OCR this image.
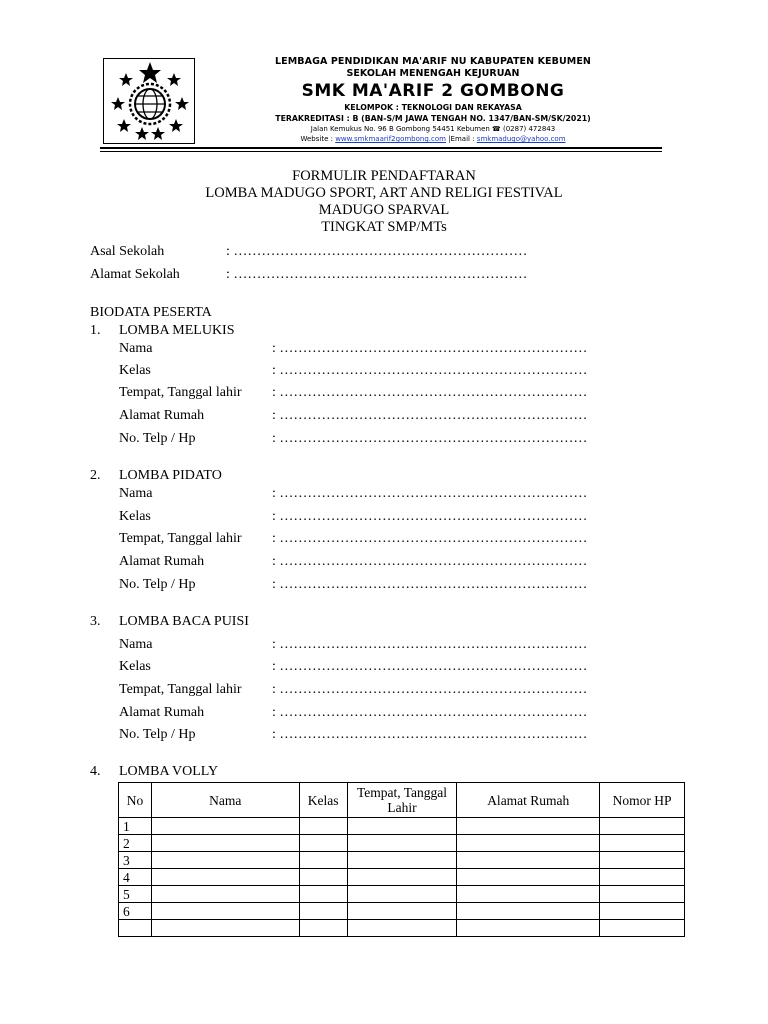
LEMBAGA PENDIDIKAN MA'ARIF NU KABUPATEN KEBUMEN
SEKOLAH MENENGAH KEJURUAN
SMK MA'ARIF 2 GOMBONG
KELOMPOK : TEKNOLOGI DAN REKAYASA
TERAKREDITASI : B (BAN-S/M JAWA TENGAH NO. 1347/BAN-SM/SK/2021)
Jalan Kemukus No. 96 B Gombong 54451 Kebumen ☎ (0287) 472843
Website : www.smkmaarif2gombong.com |Email : smkmadugo@yahoo.com
FORMULIR PENDAFTARAN
LOMBA MADUGO SPORT, ART AND RELIGI FESTIVAL
MADUGO SPARVAL
TINGKAT SMP/MTs
Asal Sekolah	: ………………………………………………………
Alamat Sekolah	: ………………………………………………………
BIODATA PESERTA
1. LOMBA MELUKIS
Nama	: …………………………………………………………
Kelas	: …………………………………………………………
Tempat, Tanggal lahir : …………………………………………………………
Alamat Rumah	: …………………………………………………………
No. Telp / Hp	: …………………………………………………………
2. LOMBA PIDATO
Nama	: …………………………………………………………
Kelas	: …………………………………………………………
Tempat, Tanggal lahir : …………………………………………………………
Alamat Rumah	: …………………………………………………………
No. Telp / Hp	: …………………………………………………………
3. LOMBA BACA PUISI
Nama	: …………………………………………………………
Kelas	: …………………………………………………………
Tempat, Tanggal lahir : …………………………………………………………
Alamat Rumah	: …………………………………………………………
No. Telp / Hp	: …………………………………………………………
4. LOMBA VOLLY
No	Nama	Kelas	Tempat, Tanggal Lahir	Alamat Rumah	Nomor HP
1					
2					
3					
4					
5					
6					
